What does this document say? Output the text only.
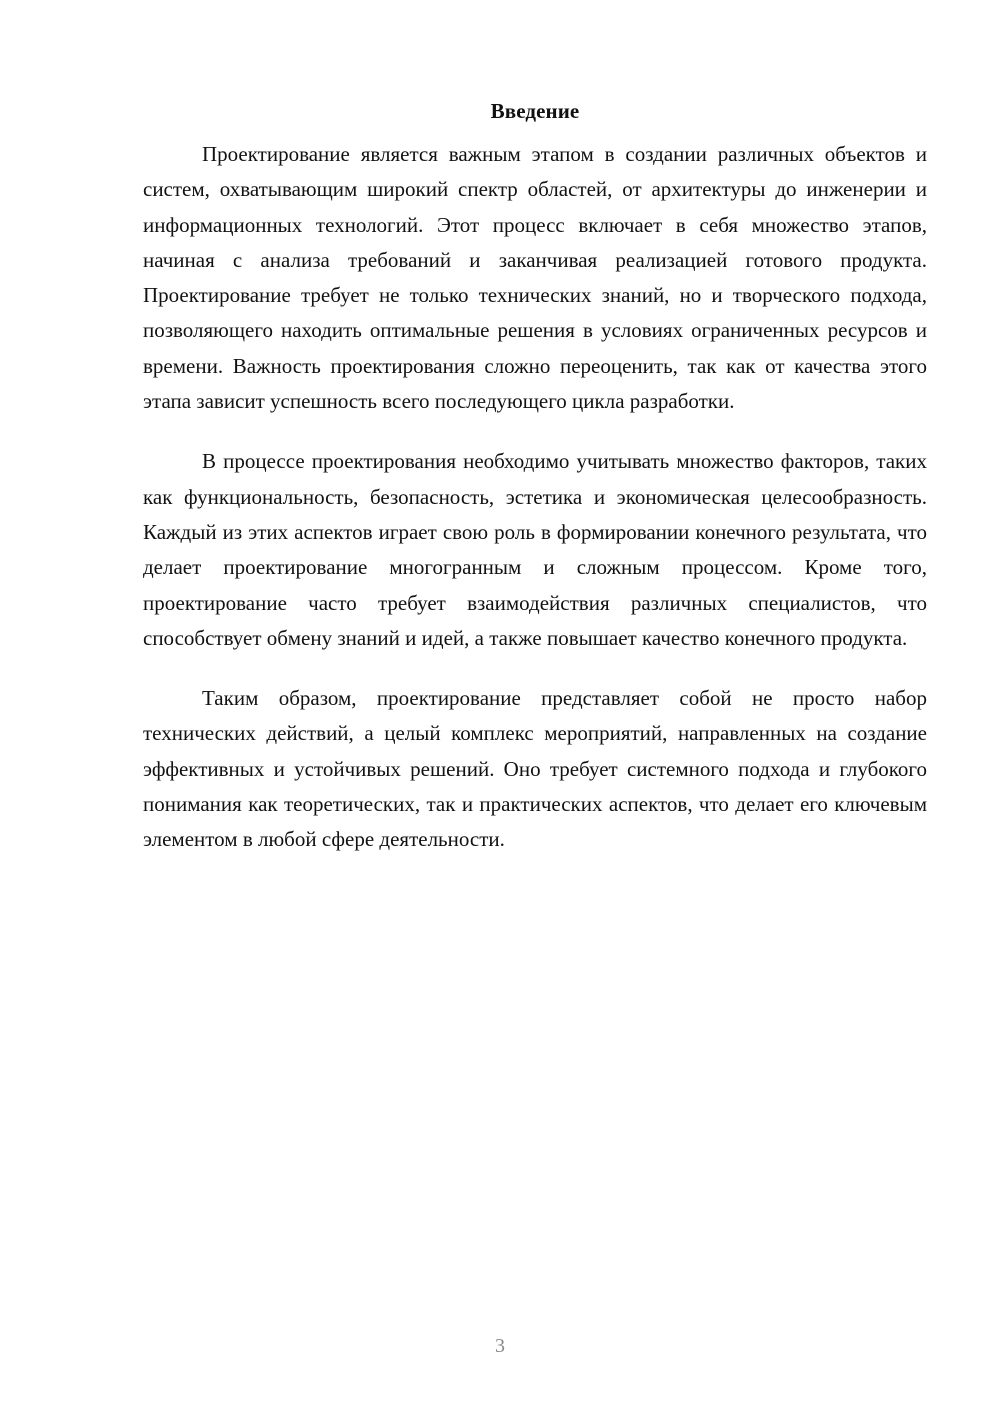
Введение

Проектирование является важным этапом в создании различных объектов и систем, охватывающим широкий спектр областей, от архитектуры до инженерии и информационных технологий. Этот процесс включает в себя множество этапов, начиная с анализа требований и заканчивая реализацией готового продукта. Проектирование требует не только технических знаний, но и творческого подхода, позволяющего находить оптимальные решения в условиях ограниченных ресурсов и времени. Важность проектирования сложно переоценить, так как от качества этого этапа зависит успешность всего последующего цикла разработки.

В процессе проектирования необходимо учитывать множество факторов, таких как функциональность, безопасность, эстетика и экономическая целесообразность. Каждый из этих аспектов играет свою роль в формировании конечного результата, что делает проектирование многогранным и сложным процессом. Кроме того, проектирование часто требует взаимодействия различных специалистов, что способствует обмену знаний и идей, а также повышает качество конечного продукта.

Таким образом, проектирование представляет собой не просто набор технических действий, а целый комплекс мероприятий, направленных на создание эффективных и устойчивых решений. Оно требует системного подхода и глубокого понимания как теоретических, так и практических аспектов, что делает его ключевым элементом в любой сфере деятельности.

3
